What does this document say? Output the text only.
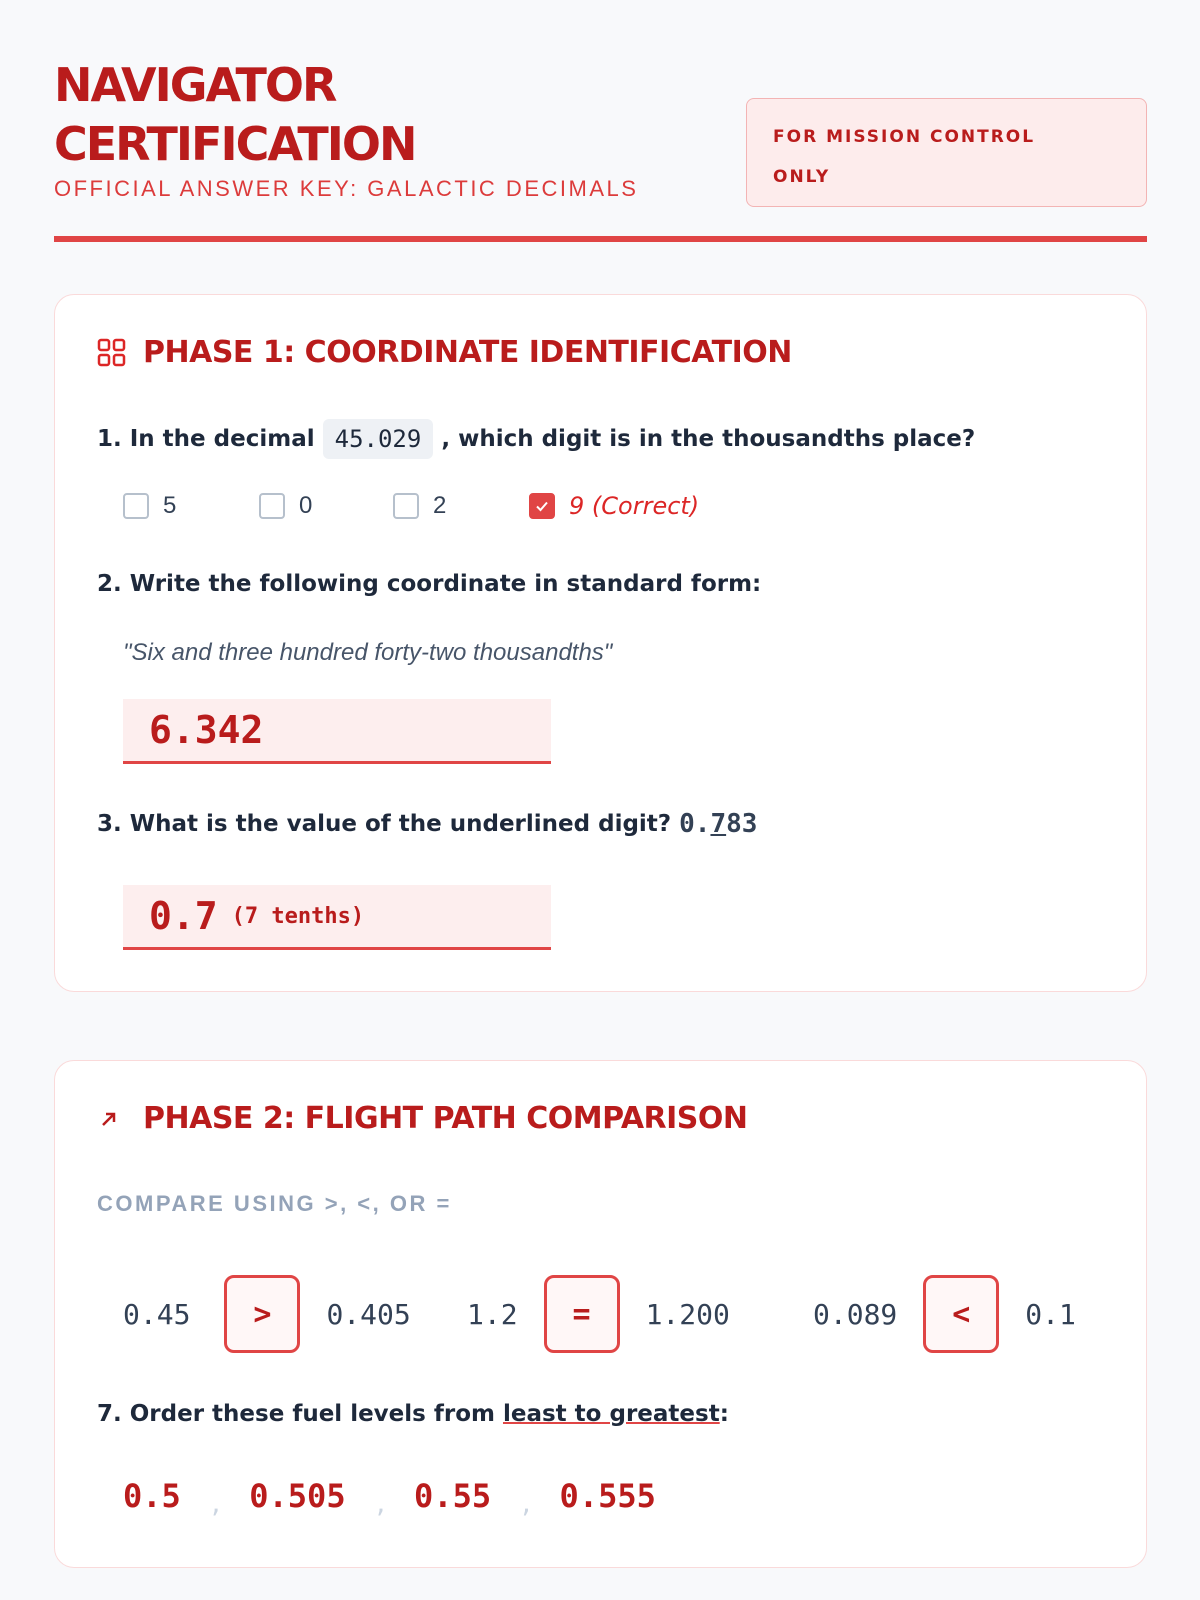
NAVIGATOR
CERTIFICATION
OFFICIAL ANSWER KEY: GALACTIC DECIMALS
FOR MISSION CONTROL
ONLY
PHASE 1: COORDINATE IDENTIFICATION
1. In the decimal 45.029 , which digit is in the thousandths place?
5	0	2	9 (Correct)
2. Write the following coordinate in standard form:
"Six and three hundred forty-two thousandths"
6.342
3. What is the value of the underlined digit? 0.783
0.7 (7 tenths)
PHASE 2: FLIGHT PATH COMPARISON
COMPARE USING >, <, OR =
0.45	>	0.405 1.2	=	1.200	0.089	<	0.1
7. Order these fuel levels from least to
greatest :
0.5 , 0.505 , 0.55 , 0.555
